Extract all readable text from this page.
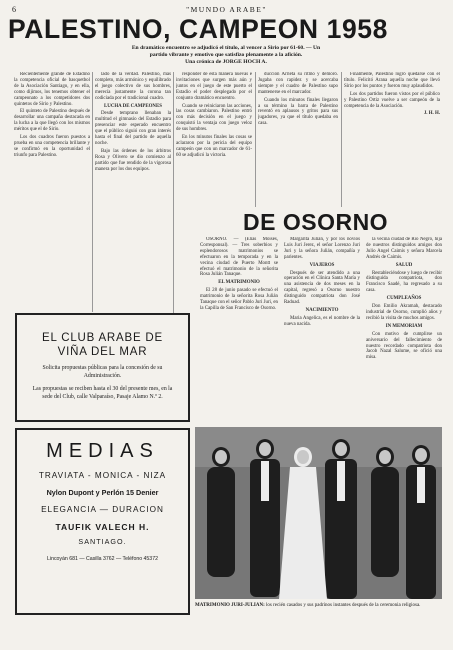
6	"MUNDO ARABE"
PALESTINO, CAMPEON 1958
En dramático encuentro se adjudicó el título, al vencer a Sirio por 61-60. — Un
partido vibrante y emotivo que satisfizo plenamente a la afición.
Una crónica de JORGE HOCH A.

Recientemente grande de Estadino la competencia oficial de basquetbol de la Asociación Santiago, y en ella, como dijimos, los tenemos obtener el campeonato a los competidores dos quintetos de Sirio y Palestino.

El quinteto de Palestino después de desarrollar una campaña destacada en la lucha a la que llegó con los mismos méritos que el de Sirio.

Los dos cuadros fueron puestos a prueba en una competencia brillante y se confirmó en la oportunidad el triunfo para Palestino.

lado de la verdad. Palestino, más completo, más armónico y equilibrado el juego colectivo de sus hombres, merecía justamente la corona tan codiciada por el tradicional cuadro.

LUCHA DE CAMPEONES

Desde temprano llenaban la multitud el gimnasio del Estadio para presenciar este esperado encuentro que el público siguió con gran interés hasta el final del partido de aquella noche.

Bajo las órdenes de los árbitros Rosa y Olivero se dio comienzo al partido que fue rendido de la vigorosa manera por los dos equipos.

responder de esta manera nuevas e invitaciones que surgen más aún y juntos en el juego de este puerto el Estadio el poder desplegado por el conjunto dramático encuentro.

Cuando se reiniciaron las acciones, las cosas cambiaron. Palestino entró con más decisión en el juego y conquistó la ventaja con juego veloz de sus hombres.

En los minutos finales las cosas se aclararon por la pericia del equipo campeón que con un marcador de 61-60 se adjudicó la victoria.

ducción Arrieta su ritmo y demoró. Jugaba con rapidez y se acercaba siempre y el cuadro de Palestino supo mantenerse en el marcador.

Cuando los minutos finales llegaron a su término la barra de Palestino reventó en aplausos y gritos para sus jugadores, ya que el título quedaba en casa.

Finalmente, Palestino logró quedarse con el título. Felicitó Arana aquella noche que llevó Sirio por los puntos y fueron muy aplaudidos.

Los dos partidos fueron vistos por el público y Palestino Ortiz vuelve a ser campeón de la competencia de la Asociación.

J. H. H.

DE OSORNO

OSORNO. — (Elías Moisés, Corresponsal). — Tres soberbios y esplendorosos matrimonios se efectuaron en la temporada y en la vecina ciudad de Puerto Montt se efectuó el matrimonio de la señorita Rosa Julián Tanaque.

EL MATRIMONIO

El 28 de junio pasado se efectuó el matrimonio de la señorita Rosa Julián Tanaque con el señor Pablo Juri Juri, en la Capilla de San Francisco de Osorno.

Margarita Julián, y por los novios Luis Juri Jerez, el señor Lorenzo Juri Juri y la señora Julián, compañía y parientes.

VIAJEROS

Después de ser atendido a una operación en el Clínica Santa María y una asistencia de dos meses en la capital, regresó a Osorno nuestro distinguido compatriota don José Raduad.

NACIMIENTO

Maria Angelica, es el nombre de la nueva nacida.

la vecina ciudad de Río Negro, hija de nuestros distinguidos amigos don Julio Angel Caimis y señora Marcela Andrés de Caimis.

SALUD

Restableciéndose y luego de recibir distinguida compatriota, don Francisco Saadé, ha regresado a su casa.

CUMPLEAÑOS

Don Emilio Akramah, destacado industrial de Osorno, cumplió años y recibió la visita de muchos amigos.

IN MEMORIAM

Con motivo de cumplirse un aniversario del fallecimiento de nuestro recordado compatriota don Jacob Nazal Salume, se ofició una misa.

EL CLUB ARABE DE
VIÑA DEL MAR
Solicita propuestas públicas para la concesión de su Administración.
Las propuestas se reciben hasta el 30 del presente mes, en la sede del Club, calle Valparaíso, Pasaje Alamo N.º 2.
MEDIAS
TRAVIATA - MONICA - NIZA
Nylon Dupont y Perlón 15 Denier
ELEGANCIA — DURACION
TAUFIK VALECH H.
SANTIAGO.
Lincoyán 681 — Casilla 3762 — Teléfono 45372
MATRIMONIO JURI-JULIAN: los recién casados y sus padrinos instantes después de la ceremonia religiosa.
